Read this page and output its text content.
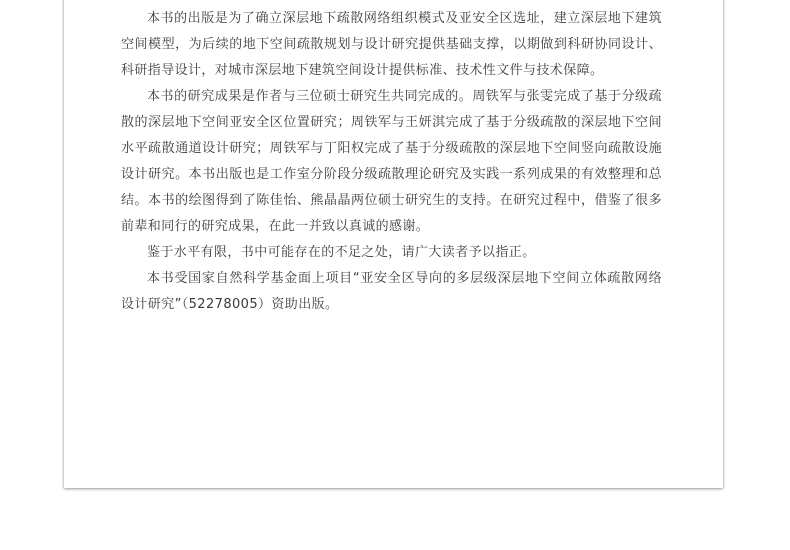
本书的出版是为了确立深层地下疏散网络组织模式及亚安全区选址，建立深层地下建筑空间模型，为后续的地下空间疏散规划与设计研究提供基础支撑，以期做到科研协同设计、科研指导设计，对城市深层地下建筑空间设计提供标准、技术性文件与技术保障。

本书的研究成果是作者与三位硕士研究生共同完成的。周铁军与张雯完成了基于分级疏散的深层地下空间亚安全区位置研究；周铁军与王妍淇完成了基于分级疏散的深层地下空间水平疏散通道设计研究；周铁军与丁阳权完成了基于分级疏散的深层地下空间竖向疏散设施设计研究。本书出版也是工作室分阶段分级疏散理论研究及实践一系列成果的有效整理和总结。本书的绘图得到了陈佳怡、熊晶晶两位硕士研究生的支持。在研究过程中，借鉴了很多前辈和同行的研究成果，在此一并致以真诚的感谢。

鉴于水平有限，书中可能存在的不足之处，请广大读者予以指正。

本书受国家自然科学基金面上项目“亚安全区导向的多层级深层地下空间立体疏散网络设计研究”（52278005）资助出版。
